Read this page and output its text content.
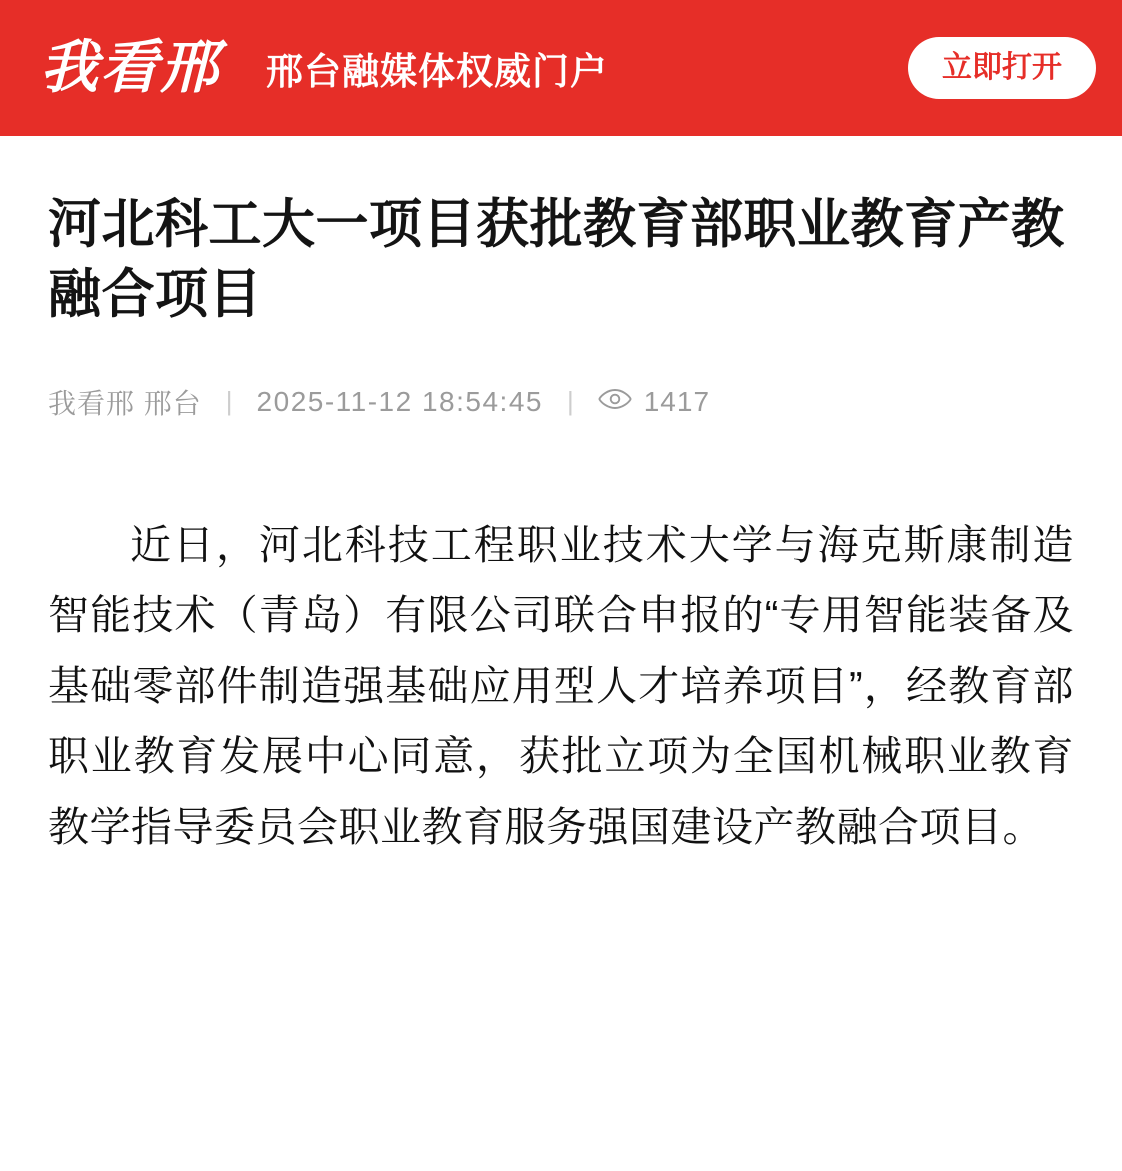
我看邢 邢台融媒体权威门户	立即打开
河北科工大一项目获批教育部职业教育产教融合项目
我看邢 邢台 | 2025-11-12 18:54:45 |	1417

近日，河北科技工程职业技术大学与海克斯康制造智能技术（青岛）有限公司联合申报的“专用智能装备及基础零部件制造强基础应用型人才培养项目”，经教育部职业教育发展中心同意，获批立项为全国机械职业教育教学指导委员会职业教育服务强国建设产教融合项目。
